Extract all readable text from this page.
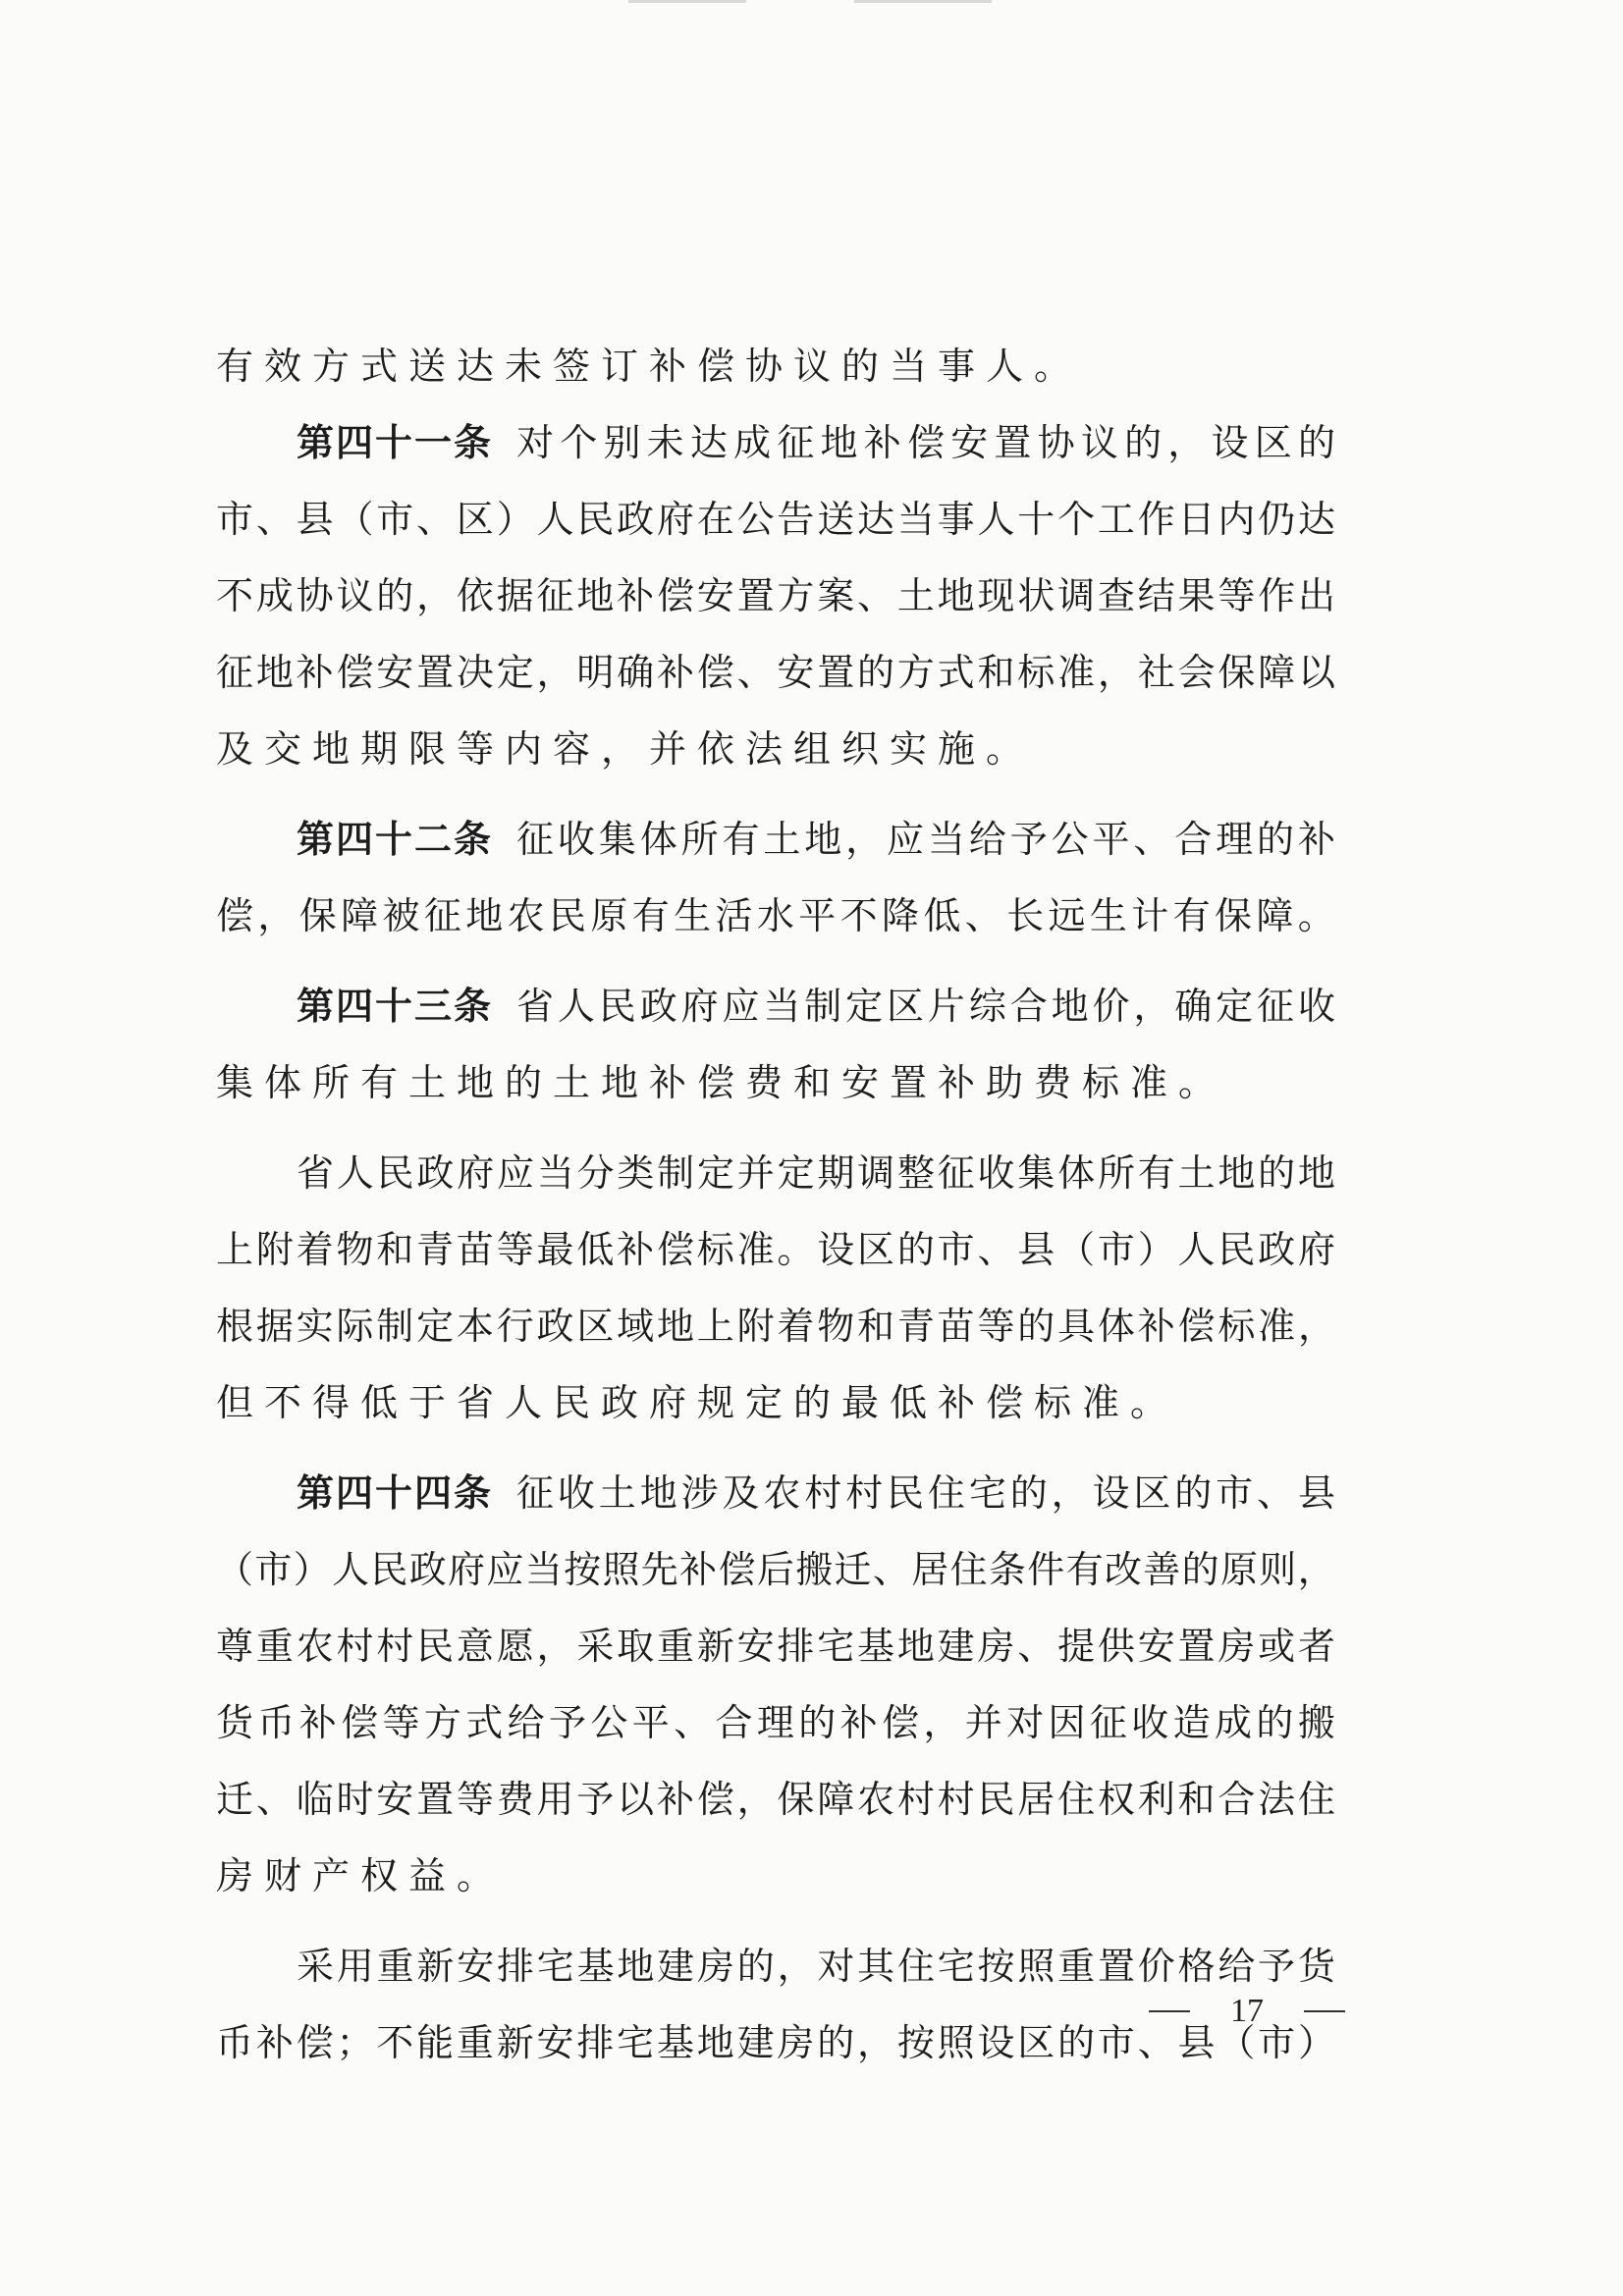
有效方式送达未签订补偿协议的当事人。
第四十一条 对 个 别 未 达 成 征 地 补 偿 安 置 协 议 的 ， 设 区 的
市 、 县 （ 市 、 区 ） 人 民 政 府 在 公 告 送 达 当 事 人 十 个 工 作 日 内 仍 达
不 成 协 议 的 ， 依 据 征 地 补 偿 安 置 方 案 、 土 地 现 状 调 查 结 果 等 作 出
征 地 补 偿 安 置 决 定 ， 明 确 补 偿 、 安 置 的 方 式 和 标 准 ， 社 会 保 障 以
及交地期限等内容，并依法组织实施。
第四十二条 征 收 集 体 所 有 土 地 ， 应 当 给 予 公 平 、 合 理 的 补
偿 ， 保 障 被 征 地 农 民 原 有 生 活 水 平 不 降 低 、 长 远 生 计 有 保 障 。
第四十三条 省 人 民 政 府 应 当 制 定 区 片 综 合 地 价 ， 确 定 征 收
集体所有土地的土地补偿费和安置补助费标准。
省 人 民 政 府 应 当 分 类 制 定 并 定 期 调 整 征 收 集 体 所 有 土 地 的 地
上 附 着 物 和 青 苗 等 最 低 补 偿 标 准 。 设 区 的 市 、 县 （ 市 ） 人 民 政 府
根 据 实 际 制 定 本 行 政 区 域 地 上 附 着 物 和 青 苗 等 的 具 体 补 偿 标 准 ，
但不得低于省人民政府规定的最低补偿标准。
第四十四条 征 收 土 地 涉 及 农 村 村 民 住 宅 的 ， 设 区 的 市 、 县
（ 市 ） 人 民 政 府 应 当 按 照 先 补 偿 后 搬 迁 、 居 住 条 件 有 改 善 的 原 则 ，
尊 重 农 村 村 民 意 愿 ， 采 取 重 新 安 排 宅 基 地 建 房 、 提 供 安 置 房 或 者
货 币 补 偿 等 方 式 给 予 公 平 、 合 理 的 补 偿 ， 并 对 因 征 收 造 成 的 搬
迁 、 临 时 安 置 等 费 用 予 以 补 偿 ， 保 障 农 村 村 民 居 住 权 利 和 合 法 住
房财产权益。
采 用 重 新 安 排 宅 基 地 建 房 的 ， 对 其 住 宅 按 照 重 置 价 格 给 予 货
币 补 偿 ； 不 能 重 新 安 排 宅 基 地 建 房 的 ， 按 照 设 区 的 市 、 县 （ 市 ）
17
